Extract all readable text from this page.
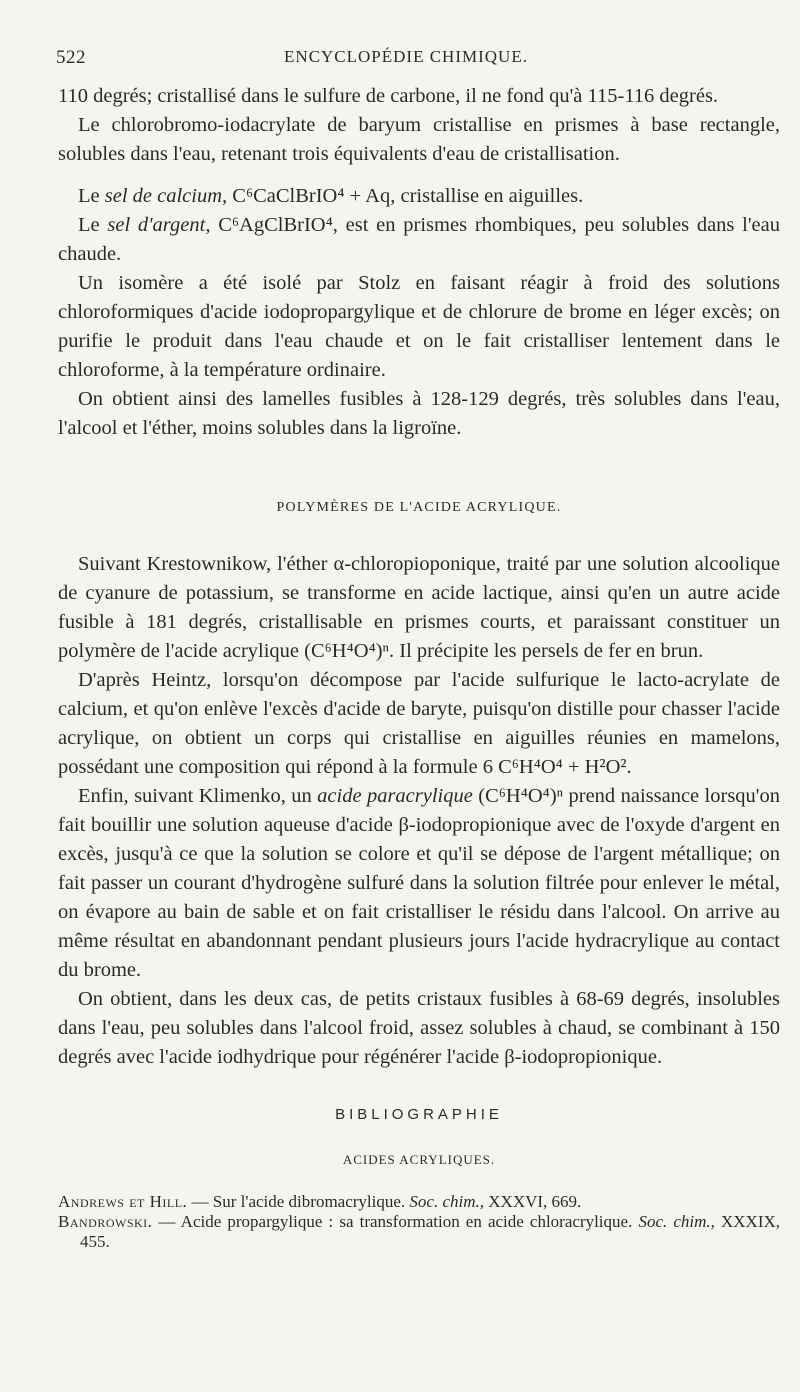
522	ENCYCLOPÉDIE CHIMIQUE.

110 degrés; cristallisé dans le sulfure de carbone, il ne fond qu'à 115-116 degrés.

Le chlorobromo-iodacrylate de baryum cristallise en prismes à base rectangle, solubles dans l'eau, retenant trois équivalents d'eau de cristallisation.

Le sel de calcium, C⁶CaClBrIO⁴ + Aq, cristallise en aiguilles.

Le sel d'argent, C⁶AgClBrIO⁴, est en prismes rhombiques, peu solubles dans l'eau chaude.

Un isomère a été isolé par Stolz en faisant réagir à froid des solutions chloroformiques d'acide iodopropargylique et de chlorure de brome en léger excès; on purifie le produit dans l'eau chaude et on le fait cristalliser lentement dans le chloroforme, à la température ordinaire.

On obtient ainsi des lamelles fusibles à 128-129 degrés, très solubles dans l'eau, l'alcool et l'éther, moins solubles dans la ligroïne.

POLYMÈRES DE L'ACIDE ACRYLIQUE.

Suivant Krestownikow, l'éther α-chloropioponique, traité par une solution alcoolique de cyanure de potassium, se transforme en acide lactique, ainsi qu'en un autre acide fusible à 181 degrés, cristallisable en prismes courts, et paraissant constituer un polymère de l'acide acrylique (C⁶H⁴O⁴)ⁿ. Il précipite les persels de fer en brun.

D'après Heintz, lorsqu'on décompose par l'acide sulfurique le lacto-acrylate de calcium, et qu'on enlève l'excès d'acide de baryte, puisqu'on distille pour chasser l'acide acrylique, on obtient un corps qui cristallise en aiguilles réunies en mamelons, possédant une composition qui répond à la formule 6 C⁶H⁴O⁴ + H²O².

Enfin, suivant Klimenko, un acide paracrylique (C⁶H⁴O⁴)ⁿ prend naissance lorsqu'on fait bouillir une solution aqueuse d'acide β-iodopropionique avec de l'oxyde d'argent en excès, jusqu'à ce que la solution se colore et qu'il se dépose de l'argent métallique; on fait passer un courant d'hydrogène sulfuré dans la solution filtrée pour enlever le métal, on évapore au bain de sable et on fait cristalliser le résidu dans l'alcool. On arrive au même résultat en abandonnant pendant plusieurs jours l'acide hydracrylique au contact du brome.

On obtient, dans les deux cas, de petits cristaux fusibles à 68-69 degrés, insolubles dans l'eau, peu solubles dans l'alcool froid, assez solubles à chaud, se combinant à 150 degrés avec l'acide iodhydrique pour régénérer l'acide β-iodopropionique.

BIBLIOGRAPHIE
ACIDES ACRYLIQUES.

Andrews et Hill. — Sur l'acide dibromacrylique. Soc. chim., XXXVI, 669.

Bandrowski. — Acide propargylique : sa transformation en acide chloracrylique. Soc. chim., XXXIX, 455.
